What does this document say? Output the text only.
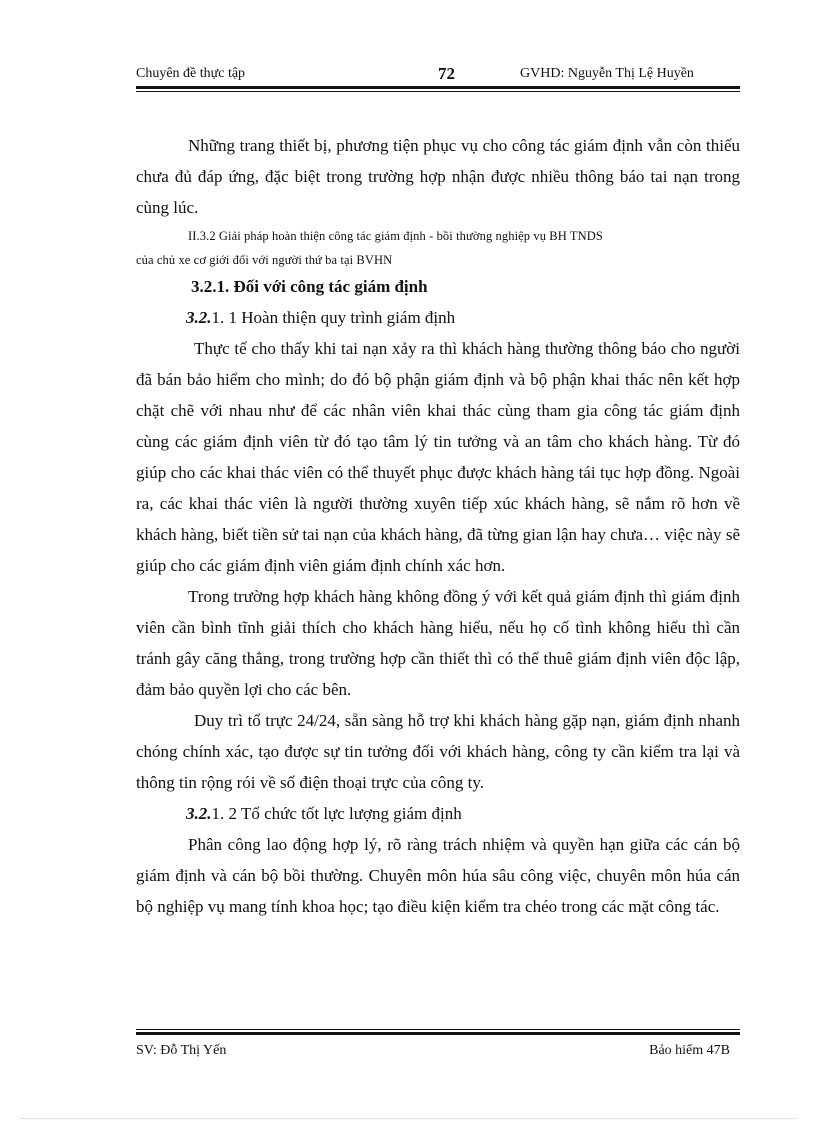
Chuyên đề thực tập	72	GVHD: Nguyễn Thị Lệ Huyền

Những trang thiết bị, phương tiện phục vụ cho công tác giám định vẫn còn thiếu chưa đủ đáp ứng, đặc biệt trong trường hợp nhận được nhiều thông báo tai nạn trong cùng lúc.

II.3.2 Giải pháp hoàn thiện công tác giám định - bồi thường nghiệp vụ BH TNDS

của chủ xe cơ giới đối với người thứ ba tại BVHN

3.2.1. Đối với công tác giám định

3.2.1. 1 Hoàn thiện quy trình giám định

Thực tế cho thấy khi tai nạn xảy ra thì khách hàng thường thông báo cho người đã bán bảo hiểm cho mình; do đó bộ phận giám định và bộ phận khai thác nên kết hợp chặt chẽ với nhau như để các nhân viên khai thác cùng tham gia công tác giám định cùng các giám định viên từ đó tạo tâm lý tin tưởng và an tâm cho khách hàng. Từ đó giúp cho các khai thác viên có thể thuyết phục được khách hàng tái tục hợp đồng. Ngoài ra, các khai thác viên là người thường xuyên tiếp xúc khách hàng, sẽ nắm rõ hơn về khách hàng, biết tiền sử tai nạn của khách hàng, đã từng gian lận hay chưa… việc này sẽ giúp cho các giám định viên giám định chính xác hơn.

Trong trường hợp khách hàng không đồng ý với kết quả giám định thì giám định viên cần bình tĩnh giải thích cho khách hàng hiểu, nếu họ cố tình không hiểu thì cần tránh gây căng thẳng, trong trường hợp cần thiết thì có thể thuê giám định viên độc lập, đảm bảo quyền lợi cho các bên.

Duy trì tổ trực 24/24, sẵn sàng hỗ trợ khi khách hàng gặp nạn, giám định nhanh chóng chính xác, tạo được sự tin tưởng đối với khách hàng, công ty cần kiểm tra lại và thông tin rộng rói về số điện thoại trực của công ty.

3.2.1. 2 Tổ chức tốt lực lượng giám định

Phân công lao động hợp lý, rõ ràng trách nhiệm và quyền hạn giữa các cán bộ giám định và cán bộ bồi thường. Chuyên môn húa sâu công việc, chuyên môn húa cán bộ nghiệp vụ mang tính khoa học; tạo điều kiện kiểm tra chéo trong các mặt công tác.

SV: Đỗ Thị Yến	Bảo hiểm 47B
